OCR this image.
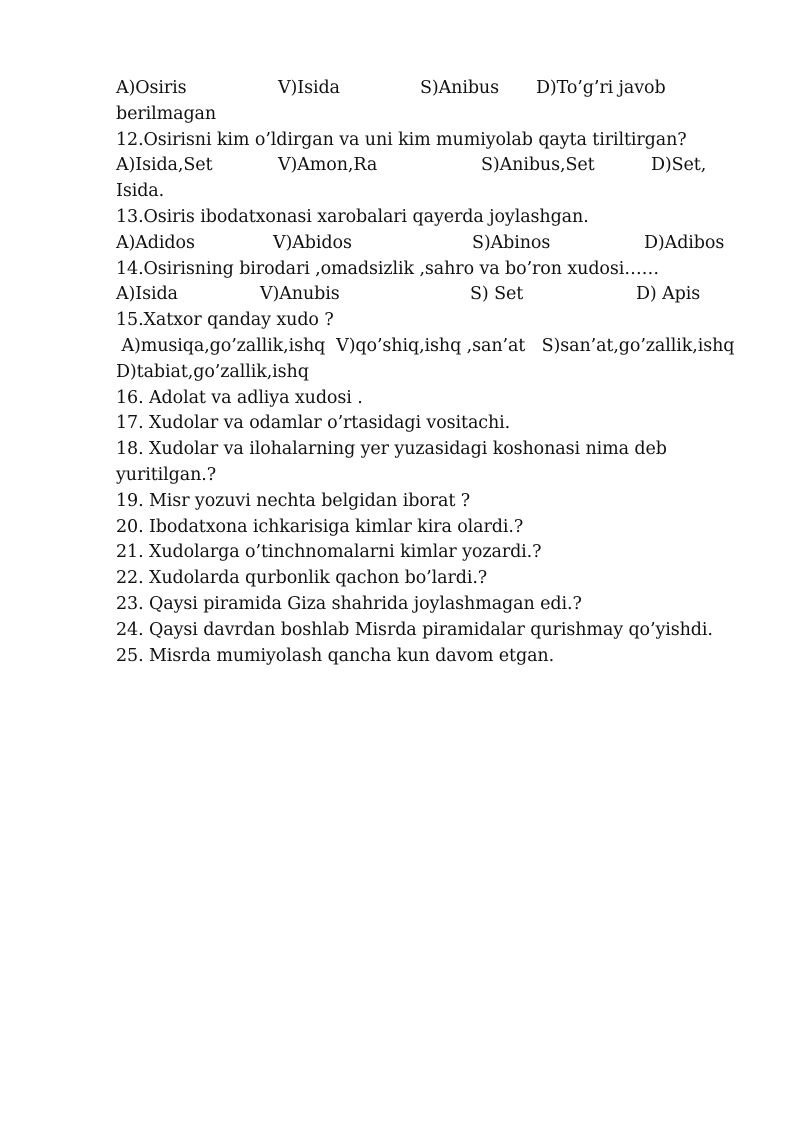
A)Osiris	V)Isida	S)Anibus D)To’g’ri javob
berilmagan
12.Osirisni kim o’ldirgan va uni kim mumiyolab qayta tiriltirgan?
A)Isida,Set	V)Amon,Ra	S)Anibus,Set	D)Set,
Isida.
13.Osiris ibodatxonasi xarobalari qayerda joylashgan.
A)Adidos	V)Abidos	S)Abinos	D)Adibos
14.Osirisning birodari ,omadsizlik ,sahro va bo’ron xudosi……
A)Isida	V)Anubis	S) Set	D) Apis
15.Xatxor qanday xudo ?
A)musiqa,go’zallik,ishq  V)qo’shiq,ishq ,san’at   S)san’at,go’zallik,ishq
D)tabiat,go’zallik,ishq
16. Adolat va adliya xudosi .
17. Xudolar va odamlar o’rtasidagi vositachi.
18. Xudolar va ilohalarning yer yuzasidagi koshonasi nima deb
yuritilgan.?
19. Misr yozuvi nechta belgidan iborat ?
20. Ibodatxona ichkarisiga kimlar kira olardi.?
21. Xudolarga o’tinchnomalarni kimlar yozardi.?
22. Xudolarda qurbonlik qachon bo’lardi.?
23. Qaysi piramida Giza shahrida joylashmagan edi.?
24. Qaysi davrdan boshlab Misrda piramidalar qurishmay qo’yishdi.
25. Misrda mumiyolash qancha kun davom etgan.
